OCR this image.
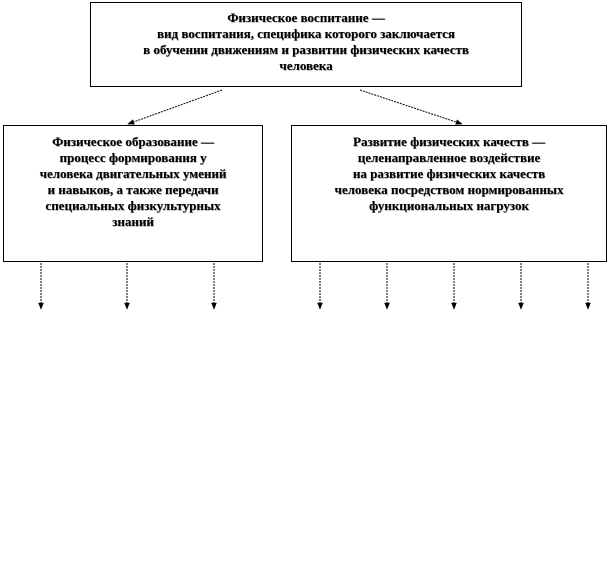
Физическое воспитание —
вид воспитания, специфика которого заключается
в обучении движениям и развитии физических качеств
человека
Физическое образование —
процесс формирования у
человека двигательных умений
и навыков, а также передачи
специальных физкультурных
знаний
Развитие физических качеств —
целенаправленное воздействие
на развитие физических качеств
человека посредством нормированных
функциональных нагрузок
